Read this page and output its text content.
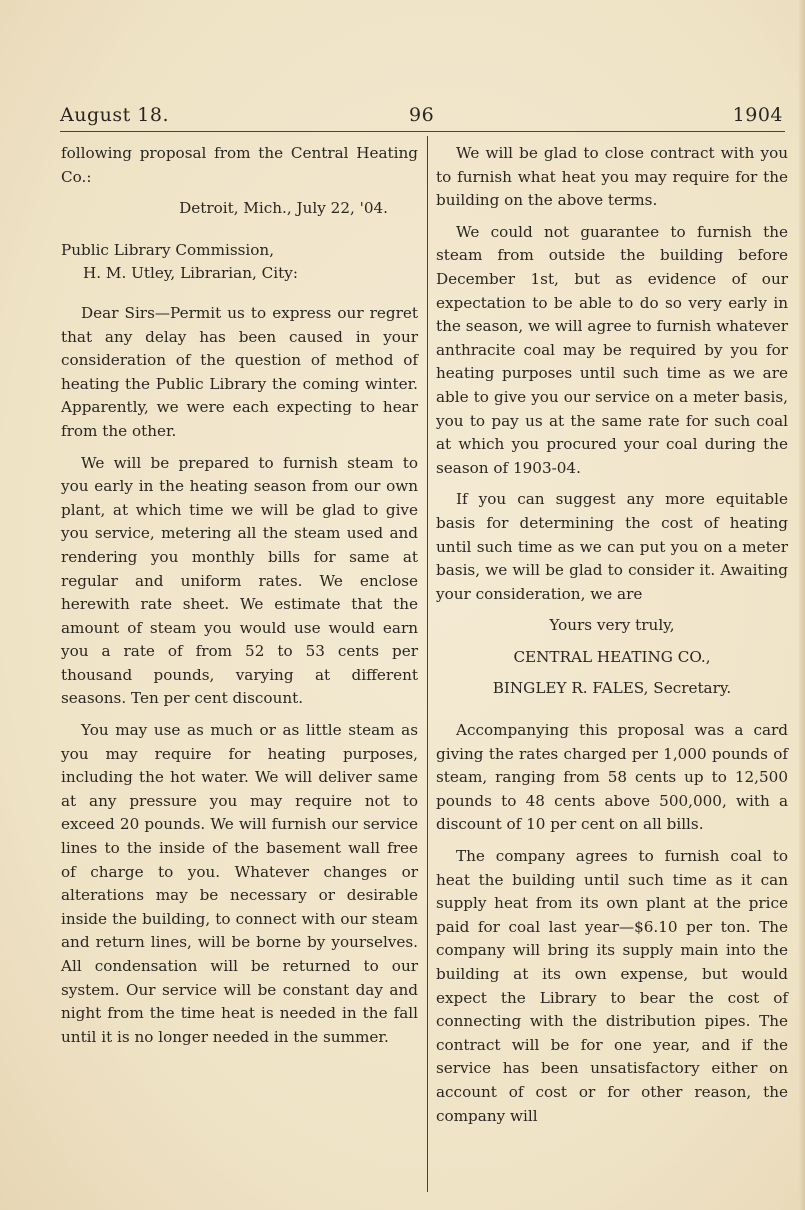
August 18.	96	1904

following proposal from the Central Heating Co.:

Detroit, Mich., July 22, '04.

Public Library Commission,

H. M. Utley, Librarian, City:

Dear Sirs—Permit us to express our regret that any delay has been caused in your consideration of the question of method of heating the Public Library the coming winter. Apparently, we were each expecting to hear from the other.

We will be prepared to furnish steam to you early in the heating season from our own plant, at which time we will be glad to give you service, metering all the steam used and rendering you monthly bills for same at regular and uniform rates. We enclose herewith rate sheet. We estimate that the amount of steam you would use would earn you a rate of from 52 to 53 cents per thousand pounds, varying at different seasons. Ten per cent discount.

You may use as much or as little steam as you may require for heating purposes, including the hot water. We will deliver same at any pressure you may require not to exceed 20 pounds. We will furnish our service lines to the inside of the basement wall free of charge to you. Whatever changes or alterations may be necessary or desirable inside the building, to connect with our steam and return lines, will be borne by yourselves. All condensation will be returned to our system. Our service will be constant day and night from the time heat is needed in the fall until it is no longer needed in the summer.

We will be glad to close contract with you to furnish what heat you may require for the building on the above terms.

We could not guarantee to furnish the steam from outside the building before December 1st, but as evidence of our expectation to be able to do so very early in the season, we will agree to furnish whatever anthracite coal may be required by you for heating purposes until such time as we are able to give you our service on a meter basis, you to pay us at the same rate for such coal at which you procured your coal during the season of 1903-04.

If you can suggest any more equitable basis for determining the cost of heating until such time as we can put you on a meter basis, we will be glad to consider it. Awaiting your consideration, we are

Yours very truly,

CENTRAL HEATING CO.,

BINGLEY R. FALES, Secretary.

Accompanying this proposal was a card giving the rates charged per 1,000 pounds of steam, ranging from 58 cents up to 12,500 pounds to 48 cents above 500,000, with a discount of 10 per cent on all bills.

The company agrees to furnish coal to heat the building until such time as it can supply heat from its own plant at the price paid for coal last year—$6.10 per ton. The company will bring its supply main into the building at its own expense, but would expect the Library to bear the cost of connecting with the distribution pipes. The contract will be for one year, and if the service has been unsatisfactory either on account of cost or for other reason, the company will
